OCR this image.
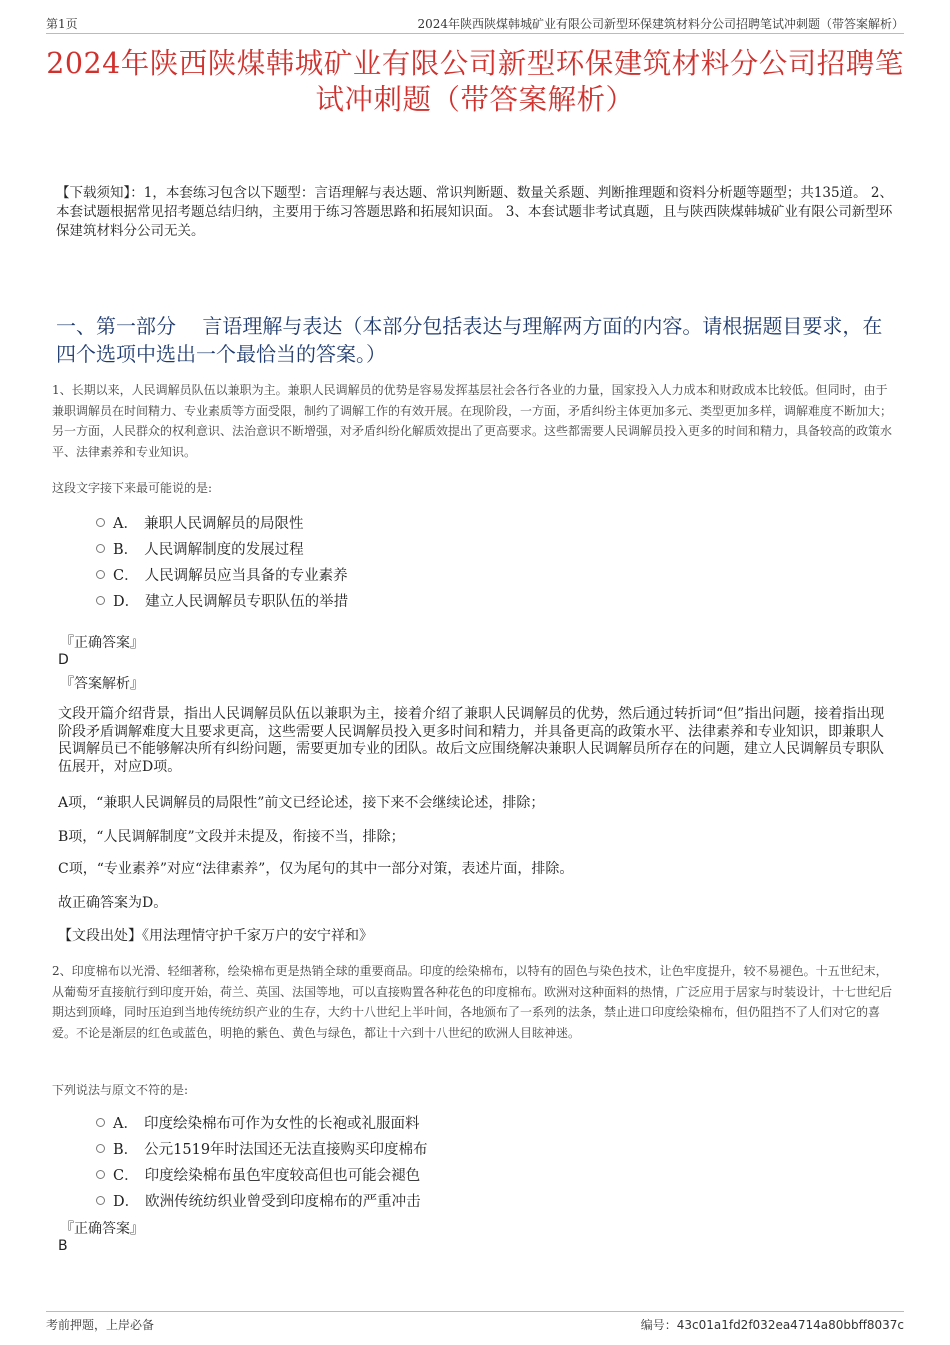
第1页	2024年陕西陕煤韩城矿业有限公司新型环保建筑材料分公司招聘笔试冲刺题（带答案解析）
2024年陕西陕煤韩城矿业有限公司新型环保建筑材料分公司招聘笔试冲刺题（带答案解析）
【下载须知】：1，本套练习包含以下题型：言语理解与表达题、常识判断题、数量关系题、判断推理题和资料分析题等题型；共135道。 2、本套试题根据常见招考题总结归纳，主要用于练习答题思路和拓展知识面。 3、本套试题非考试真题，且与陕西陕煤韩城矿业有限公司新型环保建筑材料分公司无关。
一、第一部分　 言语理解与表达（本部分包括表达与理解两方面的内容。请根据题目要求，在四个选项中选出一个最恰当的答案。）
1、长期以来，人民调解员队伍以兼职为主。兼职人民调解员的优势是容易发挥基层社会各行各业的力量，国家投入人力成本和财政成本比较低。但同时，由于兼职调解员在时间精力、专业素质等方面受限，制约了调解工作的有效开展。在现阶段，一方面，矛盾纠纷主体更加多元、类型更加多样，调解难度不断加大；另一方面，人民群众的权利意识、法治意识不断增强，对矛盾纠纷化解质效提出了更高要求。这些都需要人民调解员投入更多的时间和精力，具备较高的政策水平、法律素养和专业知识。
这段文字接下来最可能说的是:
A． 兼职人民调解员的局限性
B． 人民调解制度的发展过程
C． 人民调解员应当具备的专业素养
D． 建立人民调解员专职队伍的举措
『正确答案』
D
『答案解析』
文段开篇介绍背景，指出人民调解员队伍以兼职为主，接着介绍了兼职人民调解员的优势，然后通过转折词“但”指出问题，接着指出现阶段矛盾调解难度大且要求更高，这些需要人民调解员投入更多时间和精力，并具备更高的政策水平、法律素养和专业知识，即兼职人民调解员已不能够解决所有纠纷问题，需要更加专业的团队。故后文应围绕解决兼职人民调解员所存在的问题，建立人民调解员专职队伍展开，对应D项。
A项，“兼职人民调解员的局限性”前文已经论述，接下来不会继续论述，排除；
B项，“人民调解制度”文段并未提及，衔接不当，排除；
C项，“专业素养”对应“法律素养”，仅为尾句的其中一部分对策，表述片面，排除。
故正确答案为D。
【文段出处】《用法理情守护千家万户的安宁祥和》
2、印度棉布以光滑、轻细著称，绘染棉布更是热销全球的重要商品。印度的绘染棉布，以特有的固色与染色技术，让色牢度提升，较不易褪色。十五世纪末，从葡萄牙直接航行到印度开始，荷兰、英国、法国等地，可以直接购置各种花色的印度棉布。欧洲对这种面料的热情，广泛应用于居家与时装设计，十七世纪后期达到顶峰，同时压迫到当地传统纺织产业的生存，大约十八世纪上半叶间，各地颁布了一系列的法条，禁止进口印度绘染棉布，但仍阻挡不了人们对它的喜爱。不论是渐层的红色或蓝色，明艳的紫色、黄色与绿色，都让十六到十八世纪的欧洲人目眩神迷。
下列说法与原文不符的是:
A． 印度绘染棉布可作为女性的长袍或礼服面料
B． 公元1519年时法国还无法直接购买印度棉布
C． 印度绘染棉布虽色牢度较高但也可能会褪色
D． 欧洲传统纺织业曾受到印度棉布的严重冲击
『正确答案』
B
考前押题，上岸必备	编号：43c01a1fd2f032ea4714a80bbff8037c
